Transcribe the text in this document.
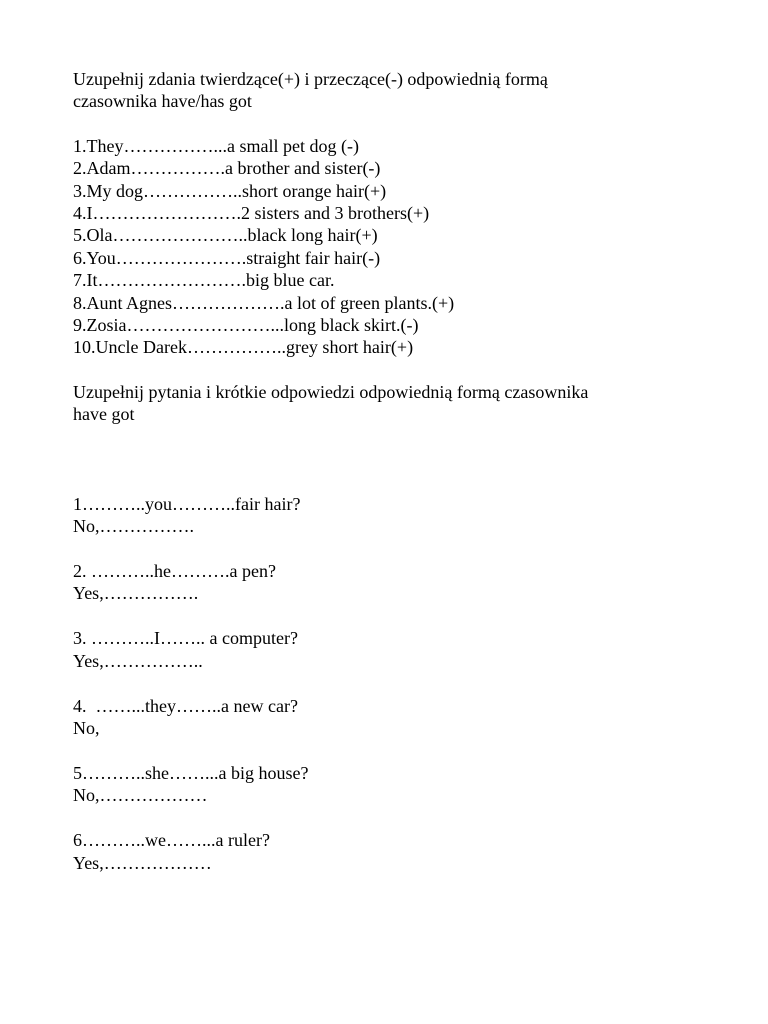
Uzupełnij zdania twierdzące(+) i przeczące(-) odpowiednią formą
czasownika have/has got
1.They……………...a small pet dog (-)
2.Adam…………….a brother and sister(-)
3.My dog……………..short orange hair(+)
4.I…………………….2 sisters and 3 brothers(+)
5.Ola…………………..black long hair(+)
6.You………………….straight fair hair(-)
7.It…………………….big blue car.
8.Aunt Agnes……………….a lot of green plants.(+)
9.Zosia……………………...long black skirt.(-)
10.Uncle Darek……………..grey short hair(+)
Uzupełnij pytania i krótkie odpowiedzi odpowiednią formą czasownika
have got
1………..you………..fair hair?
No,…………….
2. ………..he……….a pen?
Yes,…………….
3. ………..I…….. a computer?
Yes,……………..
4.  ……...they……..a new car?
No,
5………..she……...a big house?
No,………………
6………..we……...a ruler?
Yes,………………
